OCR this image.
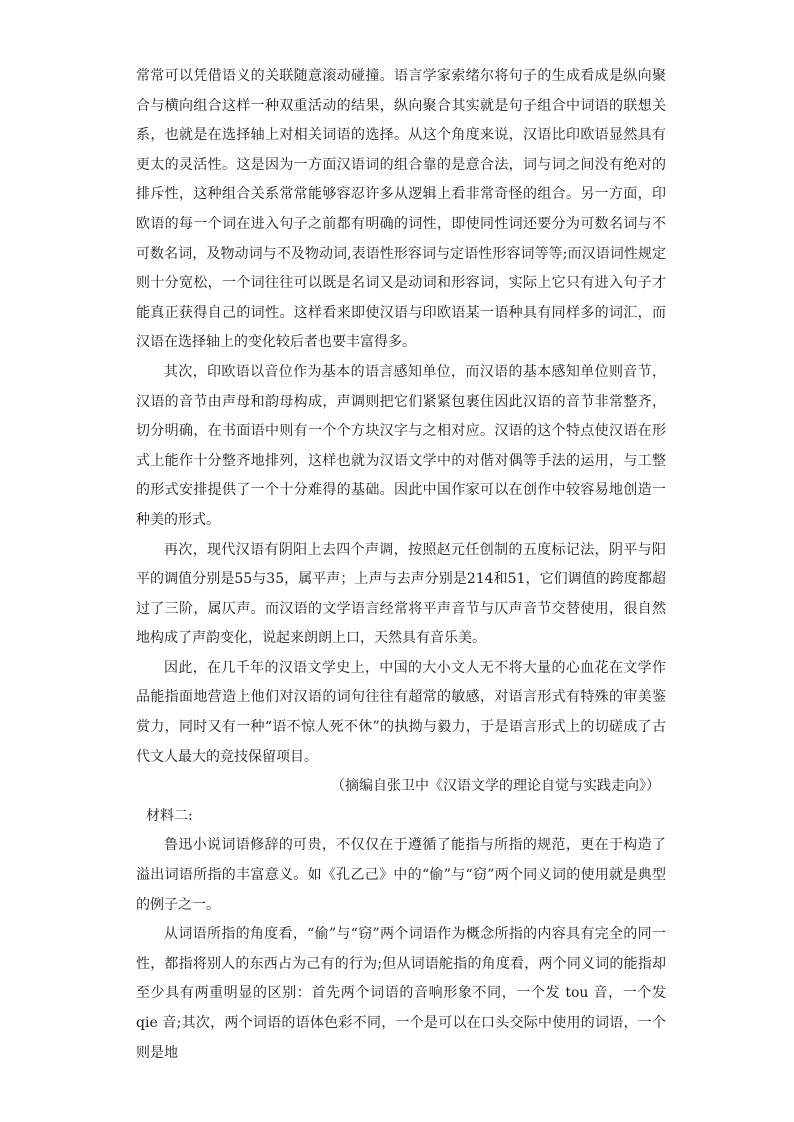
常常可以凭借语义的关联随意滚动碰撞。语言学家索绪尔将句子的生成看成是纵向聚合与横向组合这样一种双重活动的结果，纵向聚合其实就是句子组合中词语的联想关系，也就是在选择轴上对相关词语的选择。从这个角度来说，汉语比印欧语显然具有更太的灵活性。这是因为一方面汉语词的组合靠的是意合法，词与词之间没有绝对的排斥性，这种组合关系常常能够容忍许多从逻辑上看非常奇怪的组合。另一方面，印欧语的每一个词在进入句子之前都有明确的词性，即使同性词还要分为可数名词与不可数名词，及物动词与不及物动词,表语性形容词与定语性形容词等等;而汉语词性规定则十分宽松，一个词往往可以既是名词又是动词和形容词，实际上它只有进入句子才能真正获得自己的词性。这样看来即使汉语与印欧语某一语种具有同样多的词汇，而汉语在选择轴上的变化较后者也要丰富得多。

其次，印欧语以音位作为基本的语言感知单位，而汉语的基本感知单位则音节，汉语的音节由声母和韵母构成，声调则把它们紧紧包裹住因此汉语的音节非常整齐，切分明确，在书面语中则有一个个方块汉字与之相对应。汉语的这个特点使汉语在形式上能作十分整齐地排列，这样也就为汉语文学中的对偕对偶等手法的运用，与工整的形式安排提供了一个十分难得的基础。因此中国作家可以在创作中较容易地创造一种美的形式。

再次，现代汉语有阴阳上去四个声调，按照赵元任创制的五度标记法，阴平与阳平的调值分别是55与35，属平声；上声与去声分别是214和51，它们调值的跨度都超过了三阶，属仄声。而汉语的文学语言经常将平声音节与仄声音节交替使用，很自然地构成了声韵变化，说起来朗朗上口，天然具有音乐美。

因此，在几千年的汉语文学史上，中国的大小文人无不将大量的心血花在文学作品能指面地营造上他们对汉语的词句往往有超常的敏感，对语言形式有特殊的审美鉴赏力，同时又有一种“语不惊人死不休”的执拗与毅力，于是语言形式上的切磋成了古代文人最大的竞技保留项目。

（摘编自张卫中《汉语文学的理论自觉与实践走向》）

材料二:

鲁迅小说词语修辞的可贵，不仅仅在于遵循了能指与所指的规范，更在于构造了溢出词语所指的丰富意义。如《孔乙己》中的“偷”与“窃”两个同义词的使用就是典型的例子之一。

从词语所指的角度看，“偷”与“窃”两个词语作为概念所指的内容具有完全的同一性，都指将别人的东西占为己有的行为;但从词语舵指的角度看，两个同义词的能指却至少具有两重明显的区别：首先两个词语的音响形象不同，一个发 tou 音，一个发 qie 音;其次，两个词语的语体色彩不同，一个是可以在口头交际中使用的词语，一个则是地
